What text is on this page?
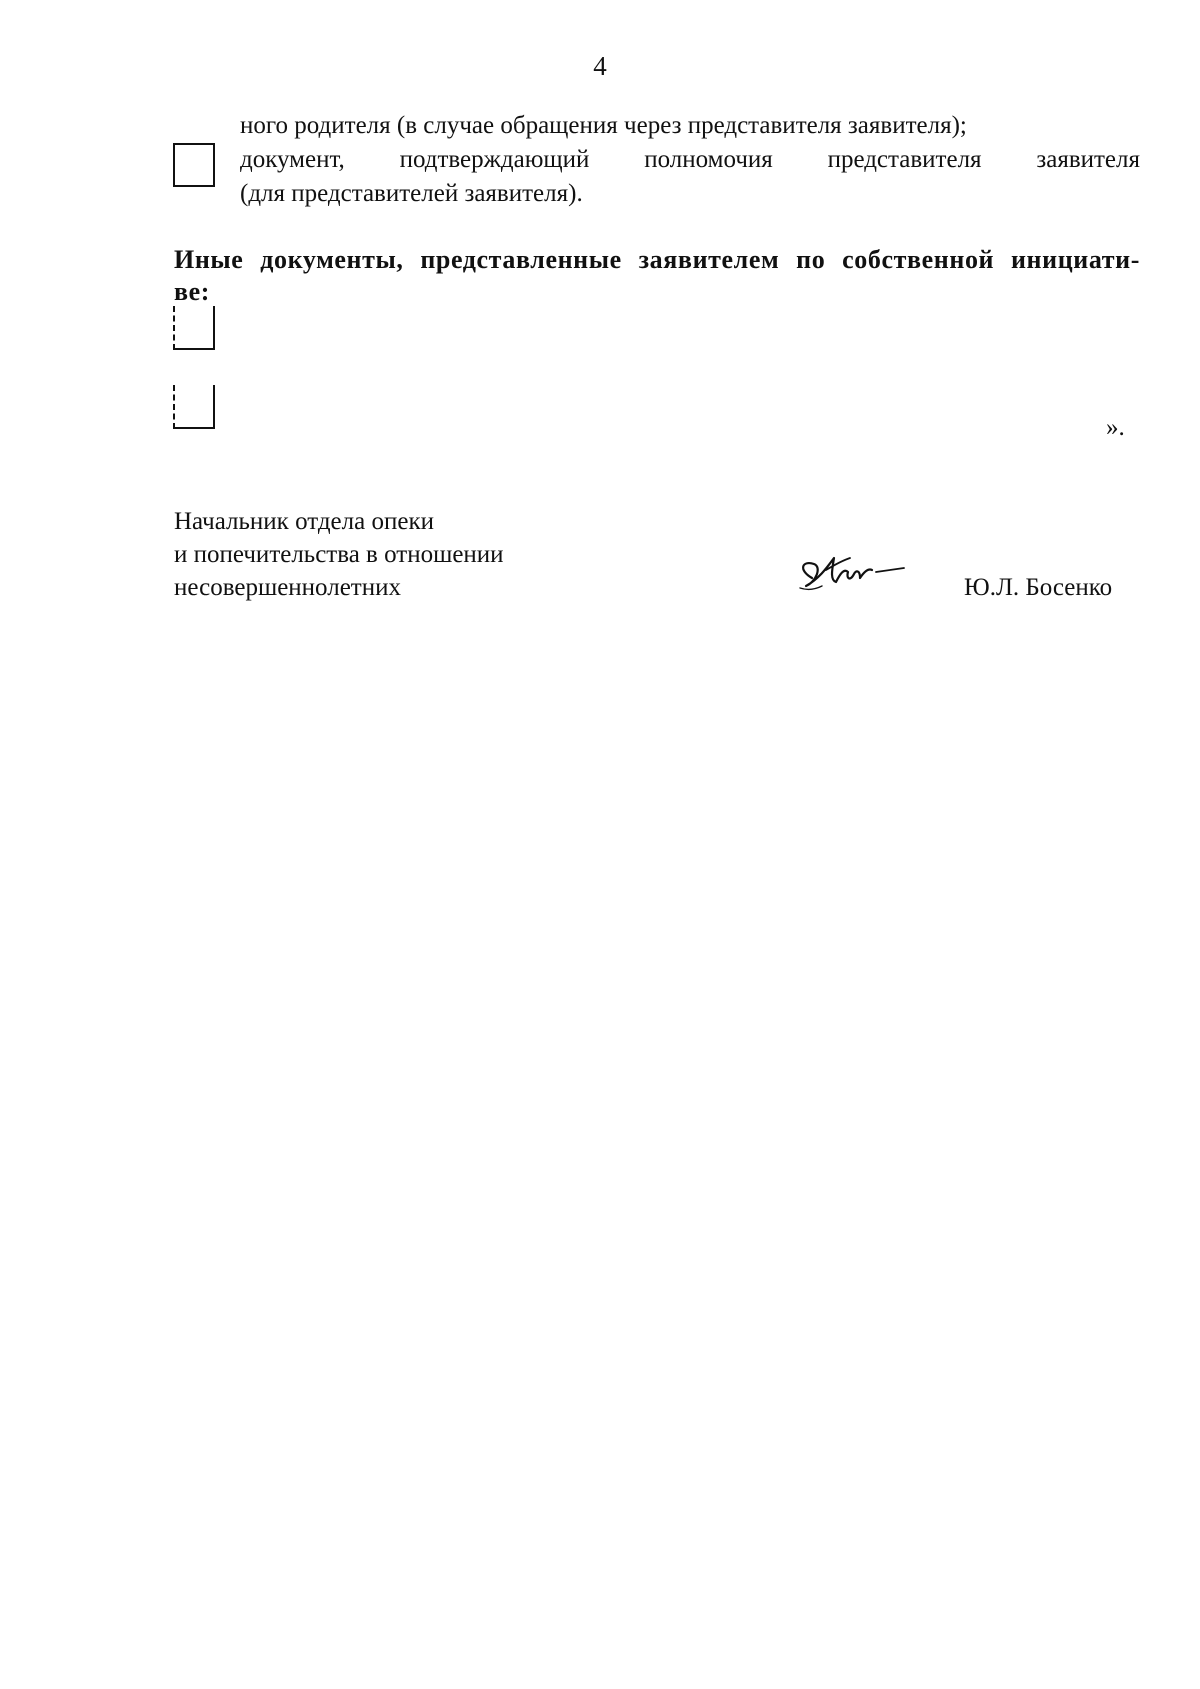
4
ного родителя (в случае обращения через представителя заявителя);
документ, подтверждающий полномочия представителя заявителя
(для представителей заявителя).
Иные документы, представленные заявителем по собственной инициати-
ве:
».
Начальник отдела опеки
и попечительства в отношении
несовершеннолетних	Ю.Л. Босенко
